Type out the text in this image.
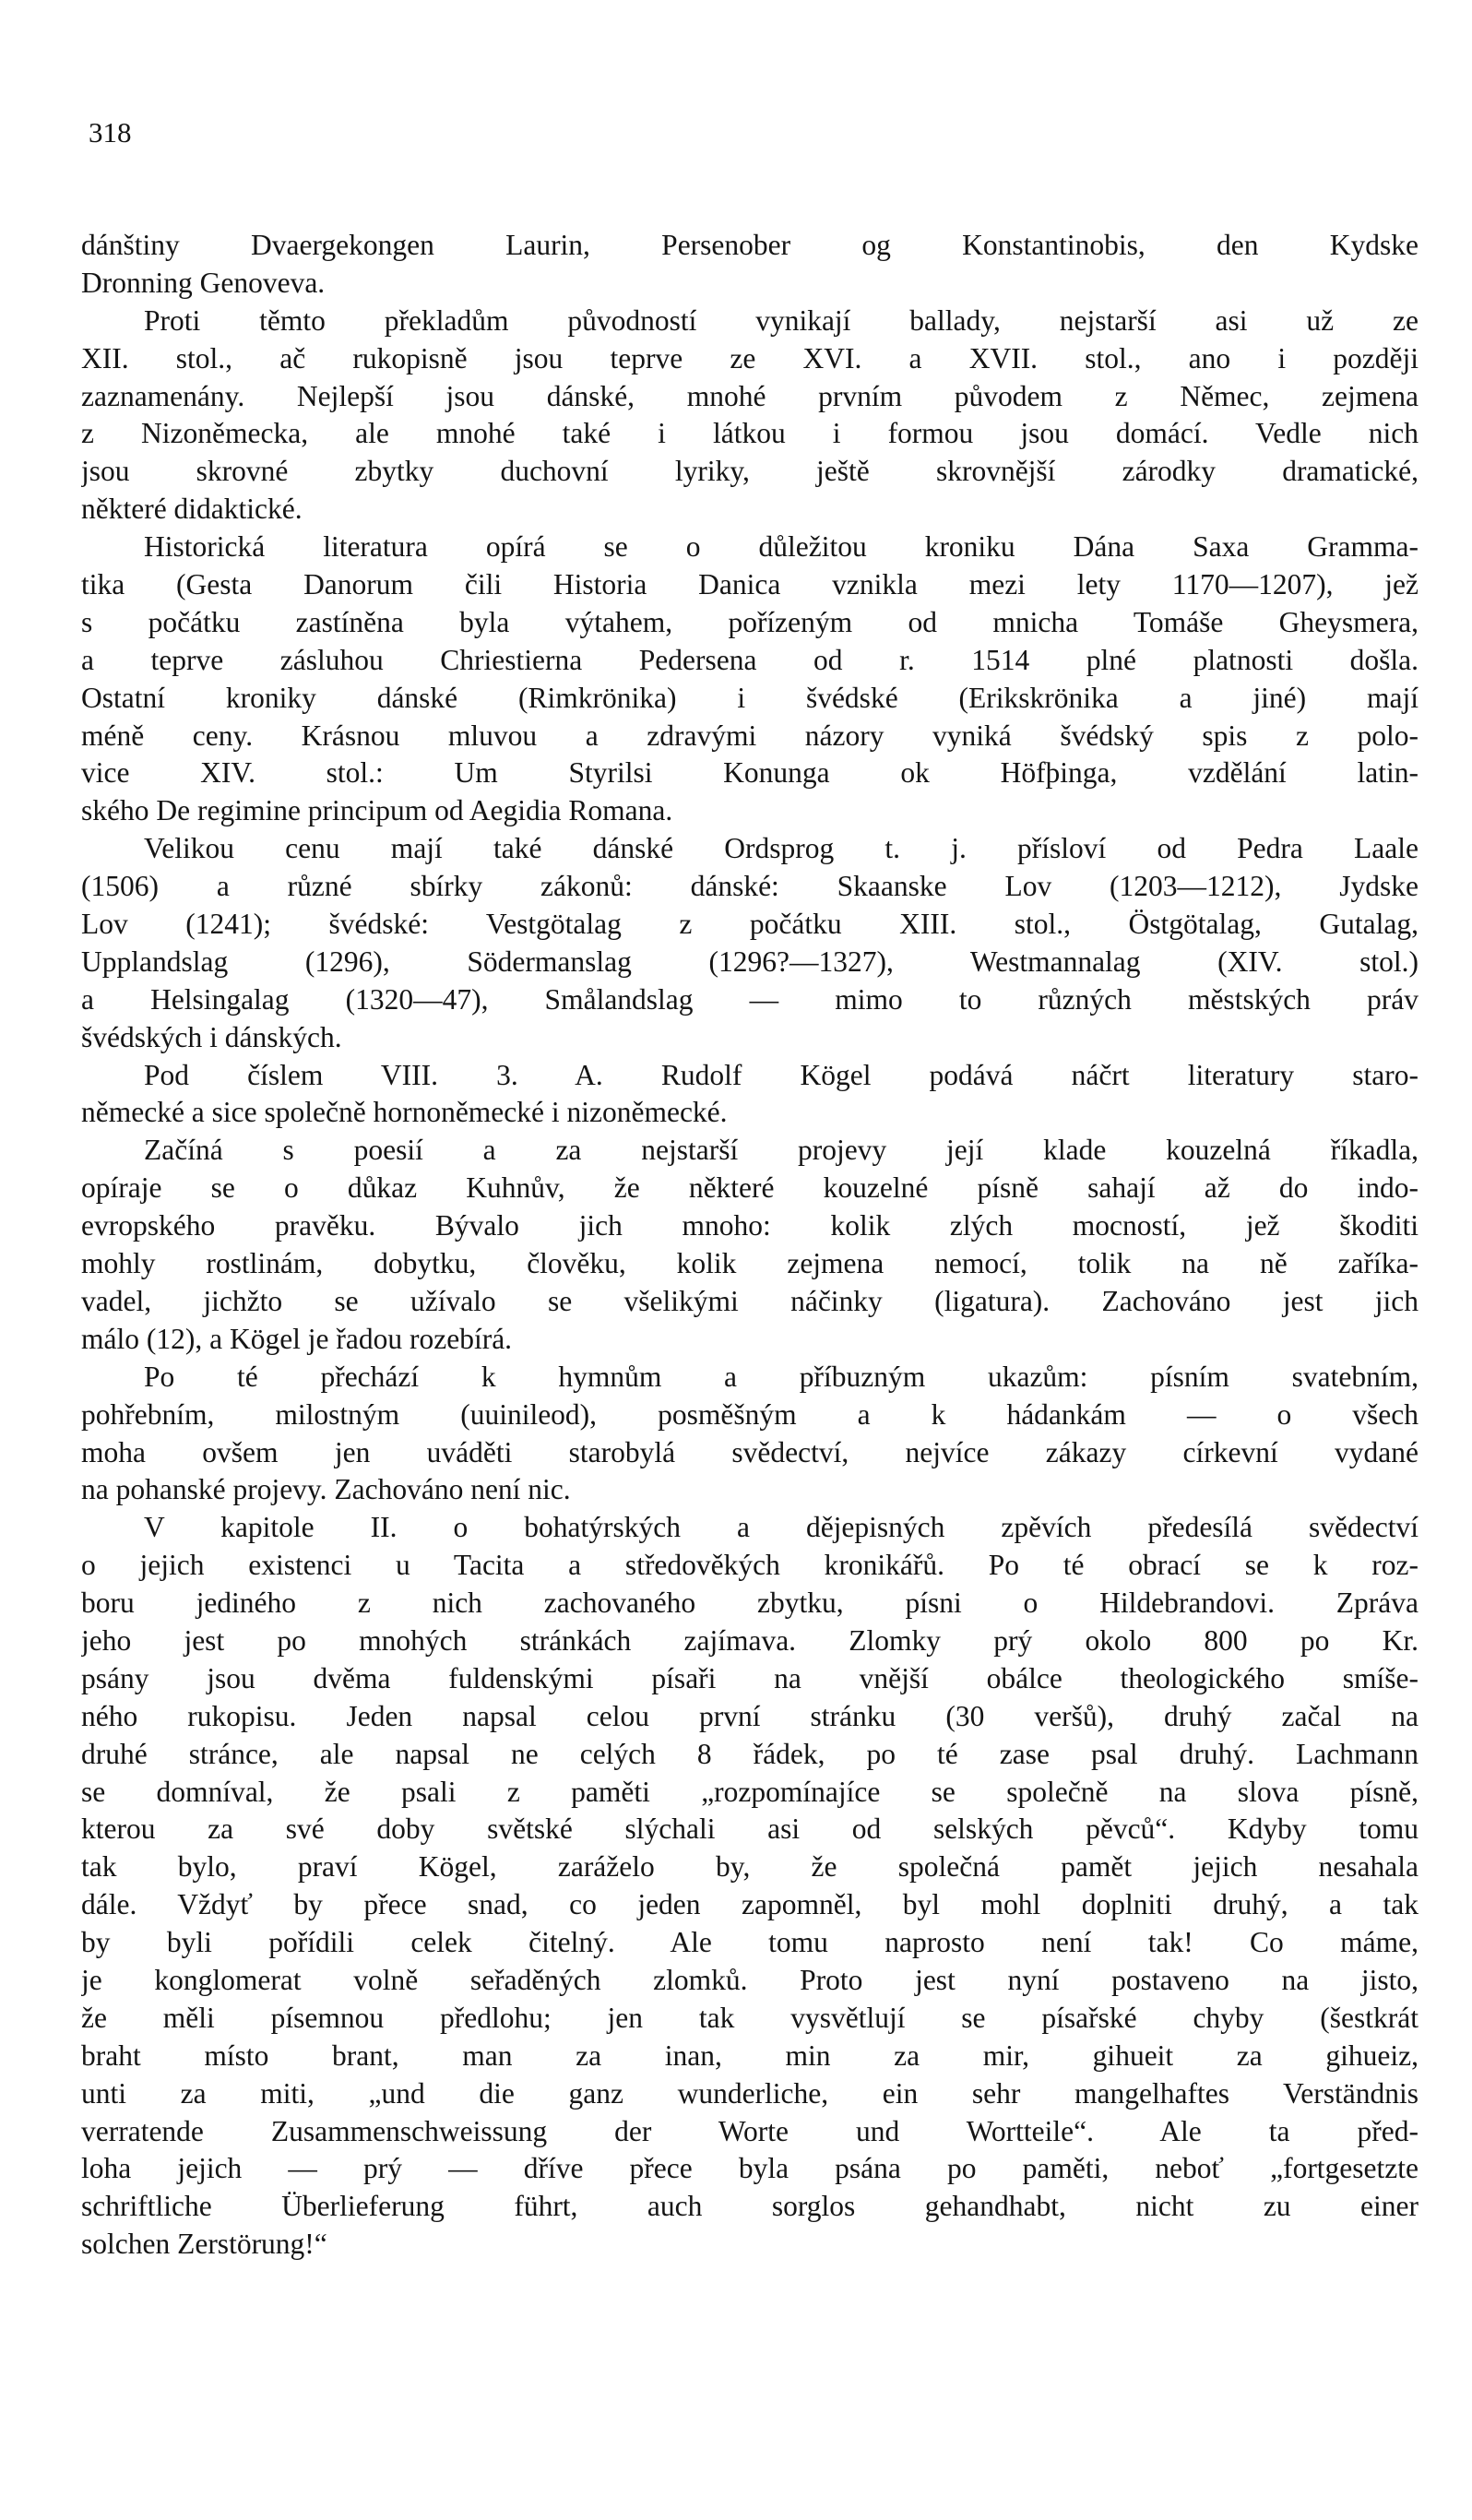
318
dánštiny Dvaergekongen Laurin, Persenober og Konstantinobis, den Kydske
Dronning Genoveva.
Proti těmto překladům původností vynikají ballady, nejstarší asi už ze
XII. stol., ač rukopisně jsou teprve ze XVI. a XVII. stol., ano i později
zaznamenány. Nejlepší jsou dánské, mnohé prvním původem z Němec, zejmena
z Nizoněmecka, ale mnohé také i látkou i formou jsou domácí. Vedle nich
jsou skrovné zbytky duchovní lyriky, ještě skrovnější zárodky dramatické,
některé didaktické.
Historická literatura opírá se o důležitou kroniku Dána Saxa Gramma-
tika (Gesta Danorum čili Historia Danica vznikla mezi lety 1170—1207), jež
s počátku zastíněna byla výtahem, pořízeným od mnicha Tomáše Gheysmera,
a teprve zásluhou Chriestierna Pedersena od r. 1514 plné platnosti došla.
Ostatní kroniky dánské (Rimkrönika) i švédské (Erikskrönika a jiné) mají
méně ceny. Krásnou mluvou a zdravými názory vyniká švédský spis z polo-
vice XIV. stol.: Um Styrilsi Konunga ok Höfþinga, vzdělání latin-
ského De regimine principum od Aegidia Romana.
Velikou cenu mají také dánské Ordsprog t. j. přísloví od Pedra Laale
(1506) a různé sbírky zákonů: dánské: Skaanske Lov (1203—1212), Jydske
Lov (1241); švédské: Vestgötalag z počátku XIII. stol., Östgötalag, Gutalag,
Upplandslag (1296), Södermanslag (1296?—1327), Westmannalag (XIV. stol.)
a Helsingalag (1320—47), Smålandslag — mimo to různých městských práv
švédských i dánských.
Pod číslem VIII. 3. A. Rudolf Kögel podává náčrt literatury staro-
německé a sice společně hornoněmecké i nizoněmecké.
Začíná s poesií a za nejstarší projevy její klade kouzelná říkadla,
opíraje se o důkaz Kuhnův, že některé kouzelné písně sahají až do indo-
evropského pravěku. Bývalo jich mnoho: kolik zlých mocností, jež škoditi
mohly rostlinám, dobytku, člověku, kolik zejmena nemocí, tolik na ně zaříka-
vadel, jichžto se užívalo se všelikými náčinky (ligatura). Zachováno jest jich
málo (12), a Kögel je řadou rozebírá.
Po té přechází k hymnům a příbuzným ukazům: písním svatebním,
pohřebním, milostným (uuinileod), posměšným a k hádankám — o všech
moha ovšem jen uváděti starobylá svědectví, nejvíce zákazy církevní vydané
na pohanské projevy. Zachováno není nic.
V kapitole II. o bohatýrských a dějepisných zpěvích předesílá svědectví
o jejich existenci u Tacita a středověkých kronikářů. Po té obrací se k roz-
boru jediného z nich zachovaného zbytku, písni o Hildebrandovi. Zpráva
jeho jest po mnohých stránkách zajímava. Zlomky prý okolo 800 po Kr.
psány jsou dvěma fuldenskými písaři na vnější obálce theologického smíše-
ného rukopisu. Jeden napsal celou první stránku (30 veršů), druhý začal na
druhé stránce, ale napsal ne celých 8 řádek, po té zase psal druhý. Lachmann
se domníval, že psali z paměti „rozpomínajíce se společně na slova písně,
kterou za své doby světské slýchali asi od selských pěvců“. Kdyby tomu
tak bylo, praví Kögel, zaráželo by, že společná pamět jejich nesahala
dále. Vždyť by přece snad, co jeden zapomněl, byl mohl doplniti druhý, a tak
by byli pořídili celek čitelný. Ale tomu naprosto není tak! Co máme,
je konglomerat volně seřaděných zlomků. Proto jest nyní postaveno na jisto,
že měli písemnou předlohu; jen tak vysvětlují se písařské chyby (šestkrát
braht místo brant, man za inan, min za mir, gihueit za gihueiz,
unti za miti, „und die ganz wunderliche, ein sehr mangelhaftes Verständnis
verratende Zusammenschweissung der Worte und Wortteile“. Ale ta před-
loha jejich — prý — dříve přece byla psána po paměti, neboť „fortgesetzte
schriftliche Überlieferung führt, auch sorglos gehandhabt, nicht zu einer
solchen Zerstörung!“
